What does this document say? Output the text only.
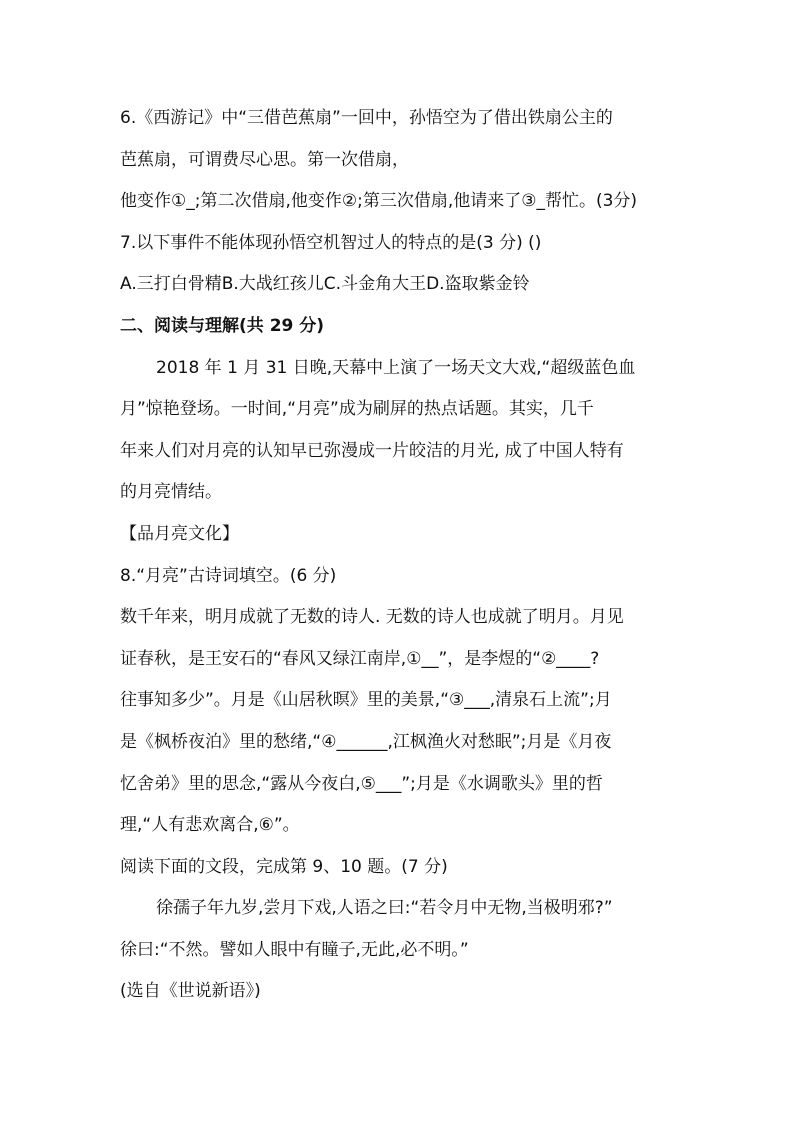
6.《西游记》中“三借芭蕉扇”一回中，孙悟空为了借出铁扇公主的
芭蕉扇，可谓费尽心思。第一次借扇，
他变作①_;第二次借扇,他变作②;第三次借扇,他请来了③_帮忙。(3分)
7.以下事件不能体现孙悟空机智过人的特点的是(3 分) ()
A.三打白骨精B.大战红孩儿C.斗金角大王D.盗取紫金铃
二、阅读与理解(共 29 分)
2018 年 1 月 31 日晚,天幕中上演了一场天文大戏,“超级蓝色血
月”惊艳登场。一时间,“月亮”成为刷屏的热点话题。其实，几千
年来人们对月亮的认知早已弥漫成一片皎洁的月光, 成了中国人特有
的月亮情结。
【品月亮文化】
8.“月亮”古诗词填空。(6 分)
数千年来，明月成就了无数的诗人. 无数的诗人也成就了明月。月见
证春秋，是王安石的“春风又绿江南岸,①__”，是李煜的“②____?
往事知多少”。月是《山居秋暝》里的美景,“③___,清泉石上流”;月
是《枫桥夜泊》里的愁绪,“④______,江枫渔火对愁眠”;月是《月夜
忆舍弟》里的思念,“露从今夜白,⑤___”;月是《水调歌头》里的哲
理,“人有悲欢离合,⑥”。
阅读下面的文段，完成第 9、10 题。(7 分)
徐孺子年九岁,尝月下戏,人语之曰:“若令月中无物,当极明邪?”
徐曰:“不然。譬如人眼中有瞳子,无此,必不明。”
(选自《世说新语》)
